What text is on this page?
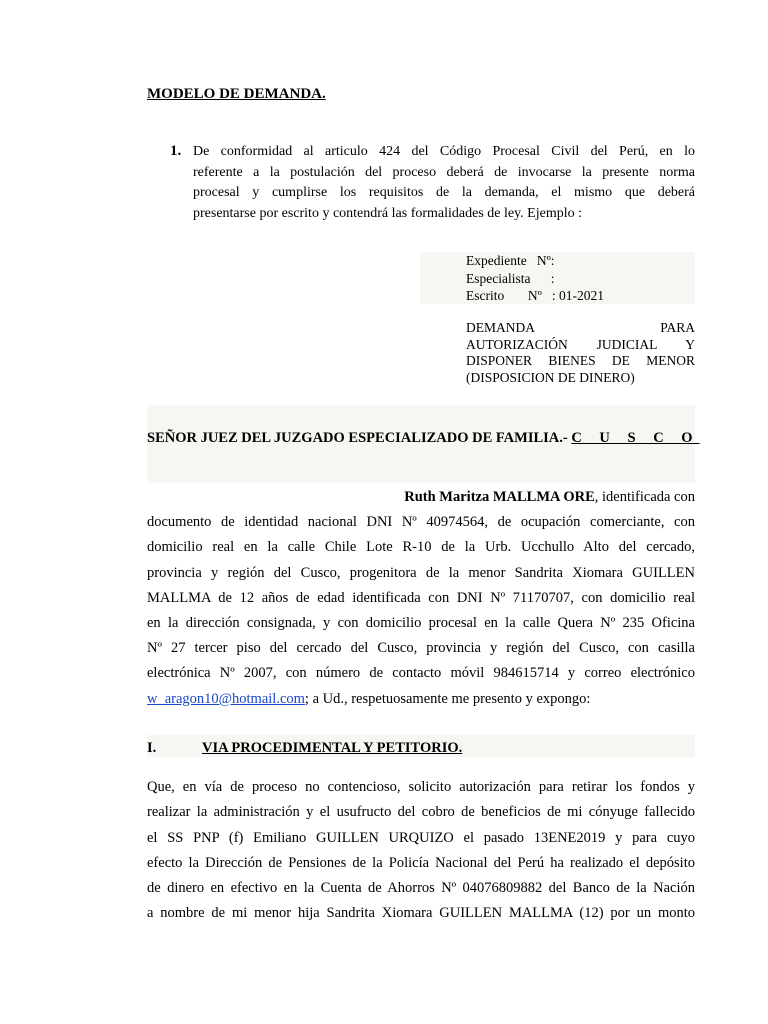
MODELO DE DEMANDA.
1. De conformidad al articulo 424 del Código Procesal Civil del Perú, en lo
referente a la postulación del proceso deberá de invocarse la presente norma
procesal y cumplirse los requisitos de la demanda, el mismo que deberá
presentarse por escrito y contendrá las formalidades de ley. Ejemplo :
Expediente   Nº:
Especialista      :
Escrito       Nº   : 01-2021
DEMANDA PARA
AUTORIZACIÓN JUDICIAL Y
DISPONER BIENES DE MENOR
(DISPOSICION DE DINERO)
SEÑOR JUEZ DEL JUZGADO ESPECIALIZADO DE FAMILIA.- C U S C O
Ruth Maritza MALLMA ORE, identificada con
documento de identidad nacional DNI Nº 40974564, de ocupación comerciante, con
domicilio real en la calle Chile Lote R-10 de la Urb. Ucchullo Alto del cercado,
provincia y región del Cusco, progenitora de la menor Sandrita Xiomara GUILLEN
MALLMA de 12 años de edad identificada con DNI Nº 71170707, con domicilio real
en la dirección consignada, y con domicilio procesal en la calle Quera Nº 235 Oficina
Nº 27 tercer piso del cercado del Cusco, provincia y región del Cusco, con casilla
electrónica Nº 2007, con número de contacto móvil 984615714 y correo electrónico
w_aragon10@hotmail.com; a Ud., respetuosamente me presento y expongo:
I.	VIA PROCEDIMENTAL Y PETITORIO.
Que, en vía de proceso no contencioso, solicito autorización para retirar los fondos y
realizar la administración y el usufructo del cobro de beneficios de mi cónyuge fallecido
el SS PNP (f) Emiliano GUILLEN URQUIZO el pasado 13ENE2019 y para cuyo
efecto la Dirección de Pensiones de la Policía Nacional del Perú ha realizado el depósito
de dinero en efectivo en la Cuenta de Ahorros Nº 04076809882 del Banco de la Nación
a nombre de mi menor hija Sandrita Xiomara GUILLEN MALLMA (12) por un monto
